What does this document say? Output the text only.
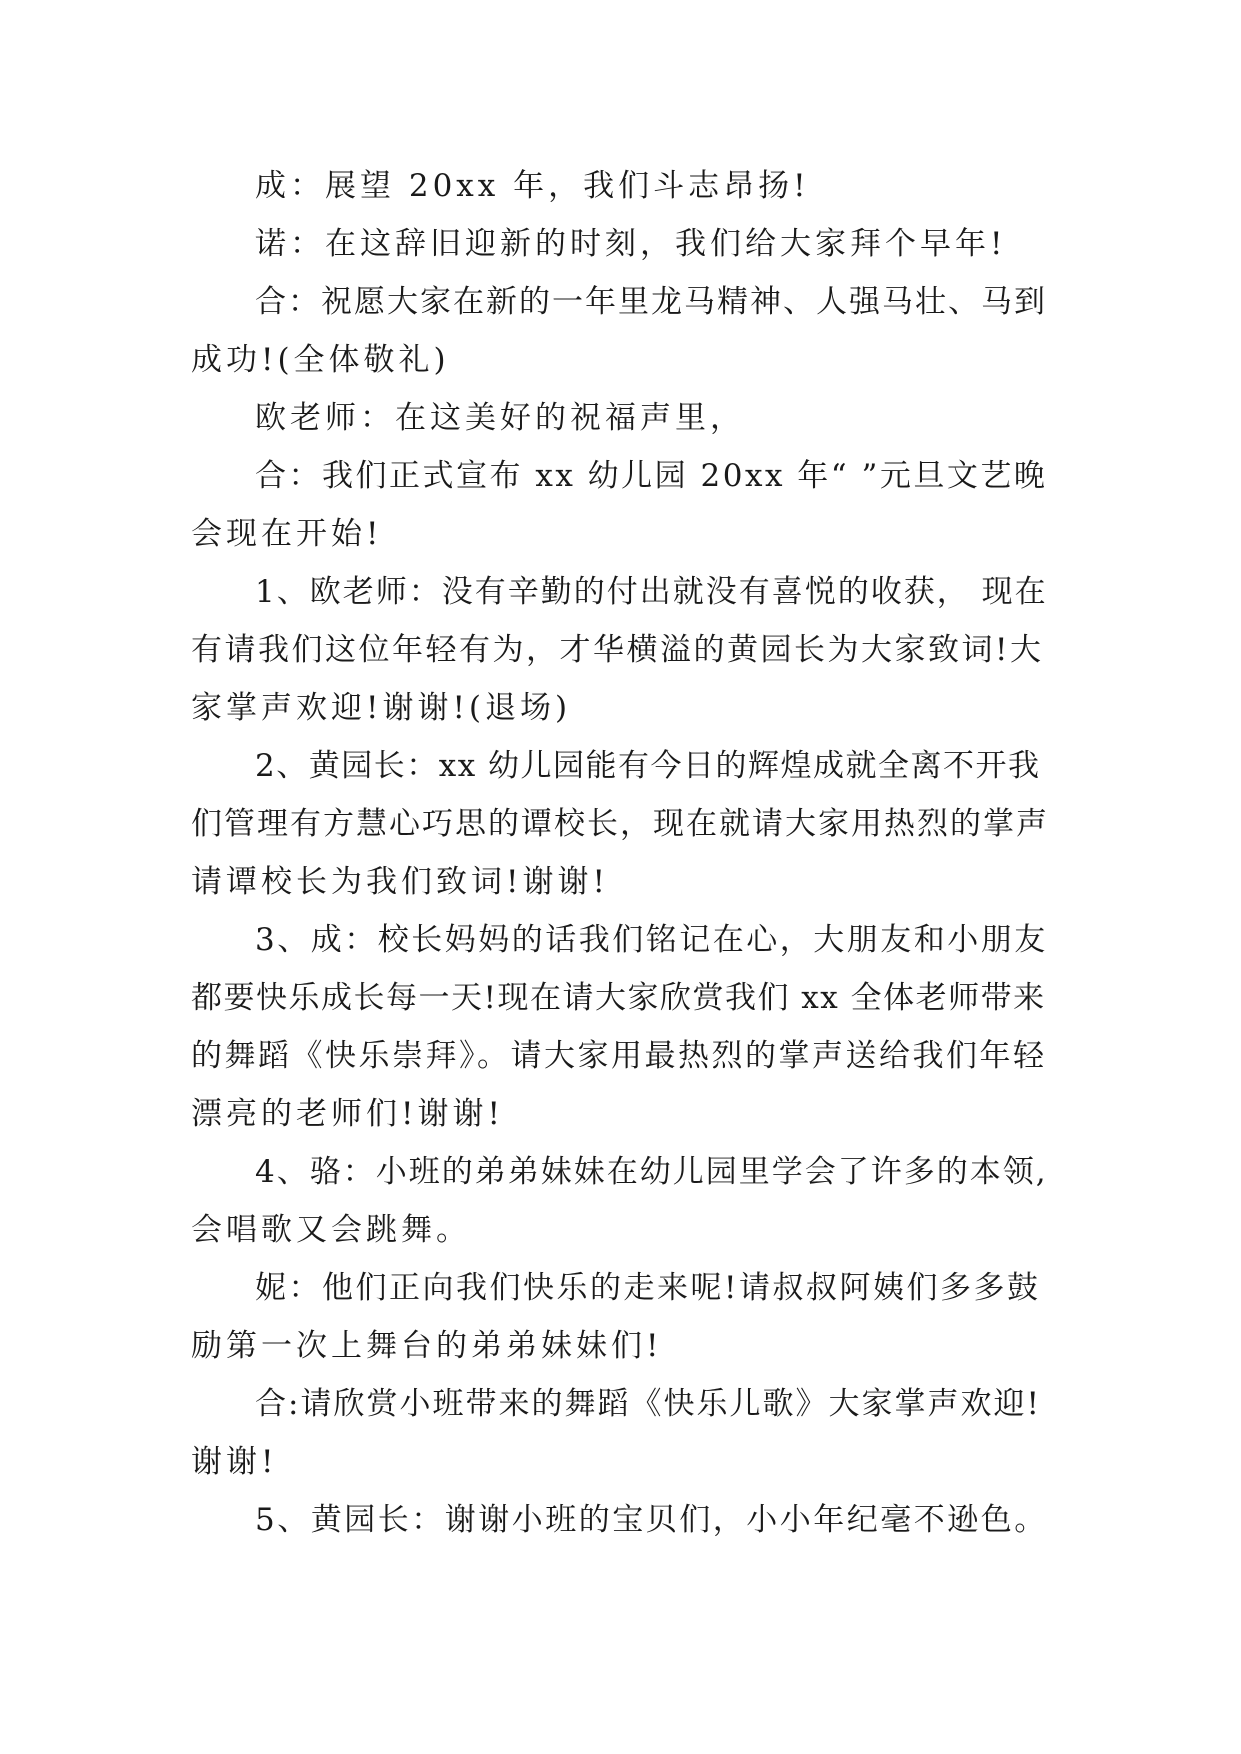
成：展望 20xx 年，我们斗志昂扬!
诺：在这辞旧迎新的时刻，我们给大家拜个早年!
合：祝愿大家在新的一年里龙马精神、人强马壮、马到
成功!(全体敬礼)
欧老师：在这美好的祝福声里，
合：我们正式宣布 xx 幼儿园 20xx 年“ ”元旦文艺晚
会现在开始!
1、欧老师：没有辛勤的付出就没有喜悦的收获， 现在
有请我们这位年轻有为，才华横溢的黄园长为大家致词!大
家掌声欢迎!谢谢!(退场)
2、黄园长：xx 幼儿园能有今日的辉煌成就全离不开我
们管理有方慧心巧思的谭校长，现在就请大家用热烈的掌声
请谭校长为我们致词!谢谢!
3、成：校长妈妈的话我们铭记在心，大朋友和小朋友
都要快乐成长每一天!现在请大家欣赏我们 xx 全体老师带来
的舞蹈《快乐崇拜》。请大家用最热烈的掌声送给我们年轻
漂亮的老师们!谢谢!
4、骆：小班的弟弟妹妹在幼儿园里学会了许多的本领,
会唱歌又会跳舞。
妮：他们正向我们快乐的走来呢!请叔叔阿姨们多多鼓
励第一次上舞台的弟弟妹妹们!
合:请欣赏小班带来的舞蹈《快乐儿歌》大家掌声欢迎!
谢谢!
5、黄园长：谢谢小班的宝贝们，小小年纪毫不逊色。
